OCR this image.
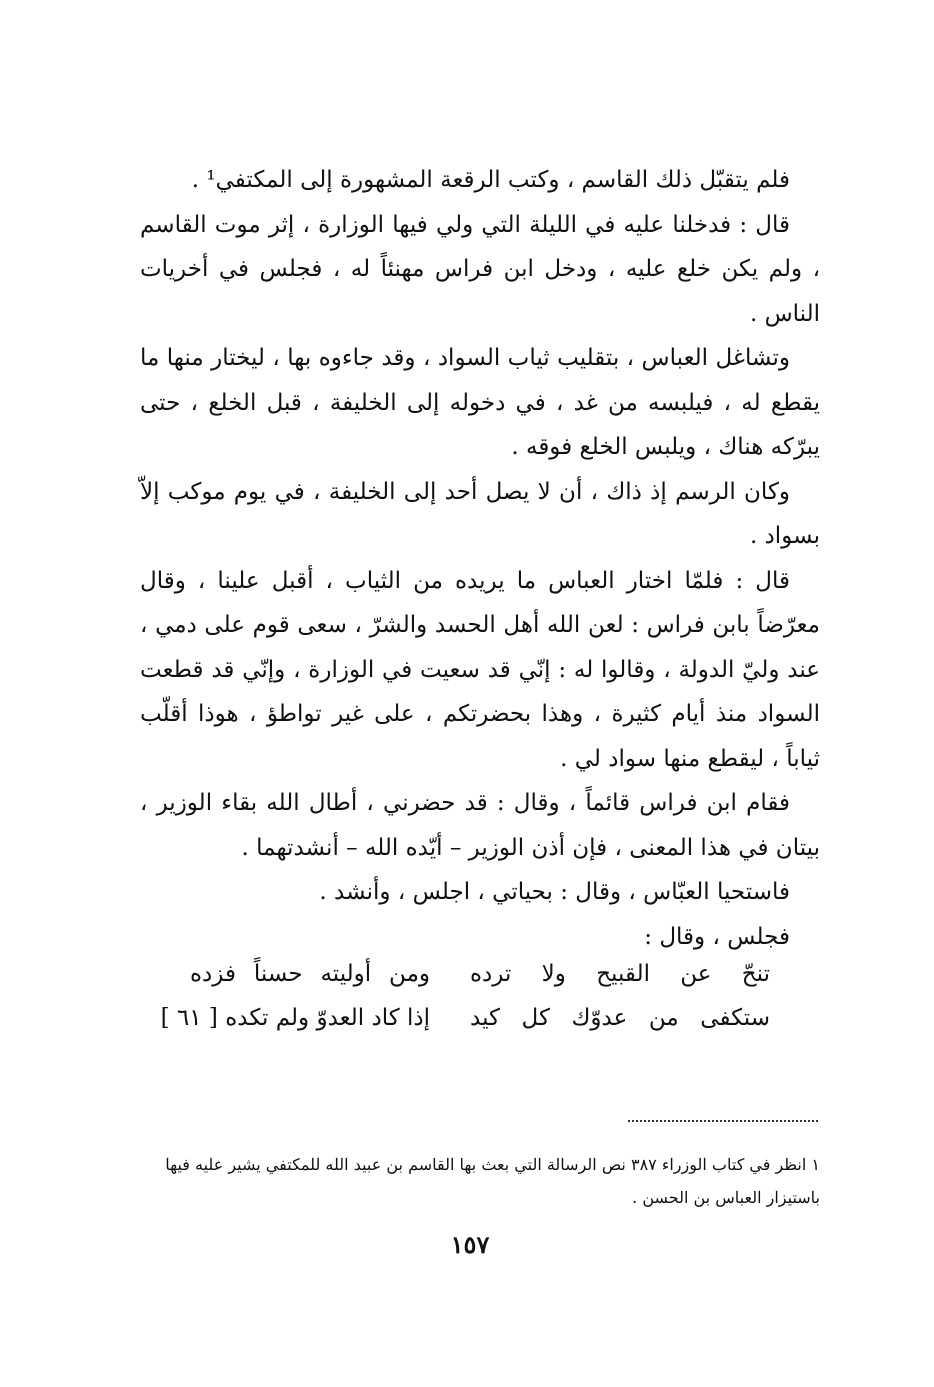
فلم يتقبّل ذلك القاسم ، وكتب الرقعة المشهورة إلى المكتفي¹ .

قال : فدخلنا عليه في الليلة التي ولي فيها الوزارة ، إثر موت القاسم ، ولم يكن خلع عليه ، ودخل ابن فراس مهنئاً له ، فجلس في أخريات الناس .

وتشاغل العباس ، بتقليب ثياب السواد ، وقد جاءوه بها ، ليختار منها ما يقطع له ، فيلبسه من غد ، في دخوله إلى الخليفة ، قبل الخلع ، حتى يبرّكه هناك ، ويلبس الخلع فوقه .

وكان الرسم إذ ذاك ، أن لا يصل أحد إلى الخليفة ، في يوم موكب إلاّ بسواد .

قال : فلمّا اختار العباس ما يريده من الثياب ، أقبل علينا ، وقال معرّضاً بابن فراس : لعن الله أهل الحسد والشرّ ، سعى قوم على دمي ، عند وليّ الدولة ، وقالوا له : إنّي قد سعيت في الوزارة ، وإنّي قد قطعت السواد منذ أيام كثيرة ، وهذا بحضرتكم ، على غير تواطؤ ، هوذا أقلّب ثياباً ، ليقطع منها سواد لي .

فقام ابن فراس قائماً ، وقال : قد حضرني ، أطال الله بقاء الوزير ، بيتان في هذا المعنى ، فإن أذن الوزير – أيّده الله – أنشدتهما .

فاستحيا العبّاس ، وقال : بحياتي ، اجلس ، وأنشد .

فجلس ، وقال :

تنحّ عن القبيح ولا ترده
ومن أوليته حسناً فزده
ستكفى من عدوّك كل كيد
إذا كاد العدوّ ولم تكده [ ٦١ ]

١ انظر في كتاب الوزراء ٣٨٧ نص الرسالة التي بعث بها القاسم بن عبيد الله للمكتفي يشير عليه فيها باستيزار العباس بن الحسن .

١٥٧
